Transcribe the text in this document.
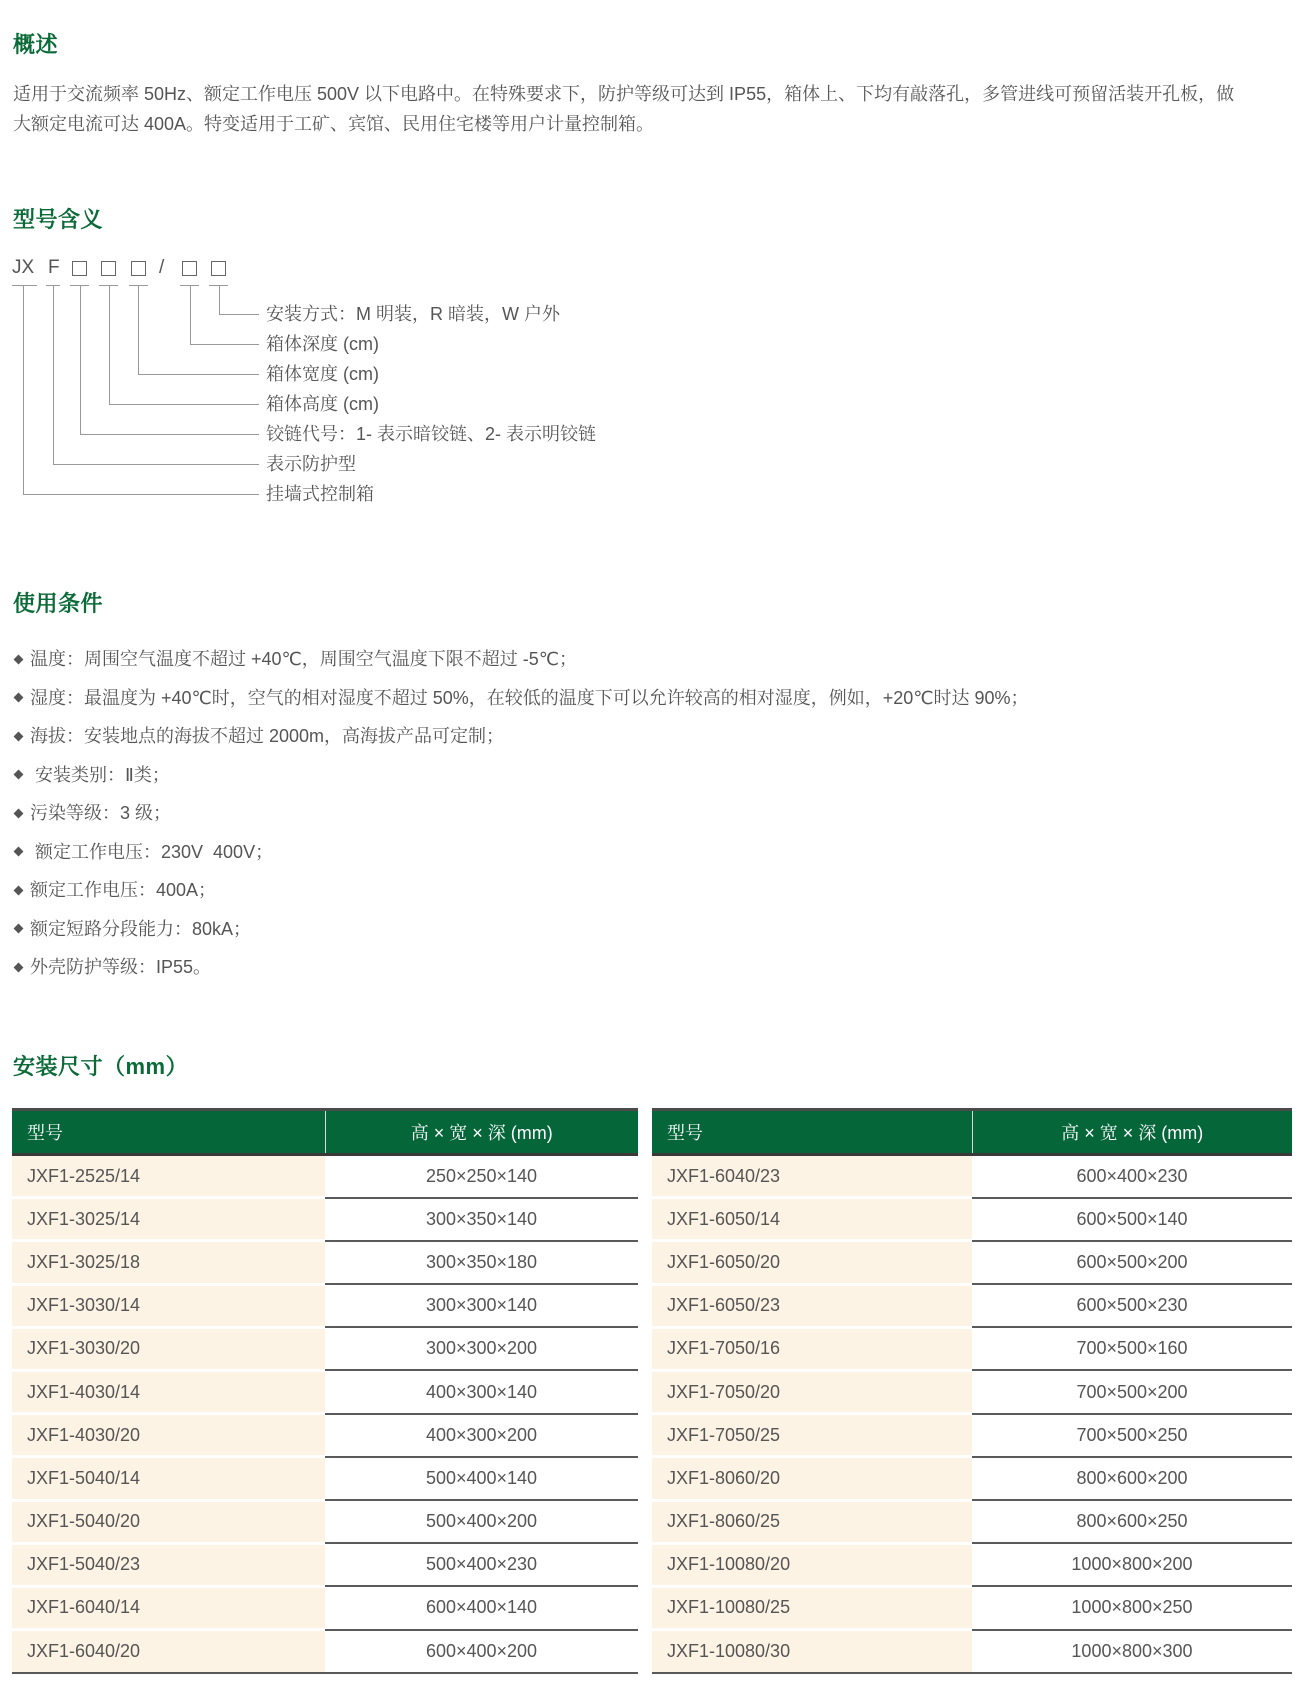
概述
适用于交流频率 50Hz、额定工作电压 500V 以下电路中。在特殊要求下，防护等级可达到 IP55，箱体上、下均有敲落孔，多管进线可预留活装开孔板，做
大额定电流可达 400A。特变适用于工矿、宾馆、民用住宅楼等用户计量控制箱。
型号含义
JX F	/
安装方式：M 明装，R 暗装，W 户外
箱体深度 (cm)
箱体宽度 (cm)
箱体高度 (cm)
铰链代号：1- 表示暗铰链、2- 表示明铰链
表示防护型
挂墙式控制箱
使用条件
温度：周围空气温度不超过 +40℃，周围空气温度下限不超过 -5℃；
湿度：最温度为 +40℃时，空气的相对湿度不超过 50%，在较低的温度下可以允许较高的相对湿度，例如，+20℃时达 90%；
海拔：安装地点的海拔不超过 2000m，高海拔产品可定制；
安装类别：Ⅱ类；
污染等级：3 级；
额定工作电压：230V  400V；
额定工作电压：400A；
额定短路分段能力：80kA；
外壳防护等级：IP55。
安装尺寸（mm）
型号	高 × 宽 × 深 (mm)
JXF1-2525/14	250×250×140
JXF1-3025/14	300×350×140
JXF1-3025/18	300×350×180
JXF1-3030/14	300×300×140
JXF1-3030/20	300×300×200
JXF1-4030/14	400×300×140
JXF1-4030/20	400×300×200
JXF1-5040/14	500×400×140
JXF1-5040/20	500×400×200
JXF1-5040/23	500×400×230
JXF1-6040/14	600×400×140
JXF1-6040/20	600×400×200
型号	高 × 宽 × 深 (mm)
JXF1-6040/23	600×400×230
JXF1-6050/14	600×500×140
JXF1-6050/20	600×500×200
JXF1-6050/23	600×500×230
JXF1-7050/16	700×500×160
JXF1-7050/20	700×500×200
JXF1-7050/25	700×500×250
JXF1-8060/20	800×600×200
JXF1-8060/25	800×600×250
JXF1-10080/20	1000×800×200
JXF1-10080/25	1000×800×250
JXF1-10080/30	1000×800×300
